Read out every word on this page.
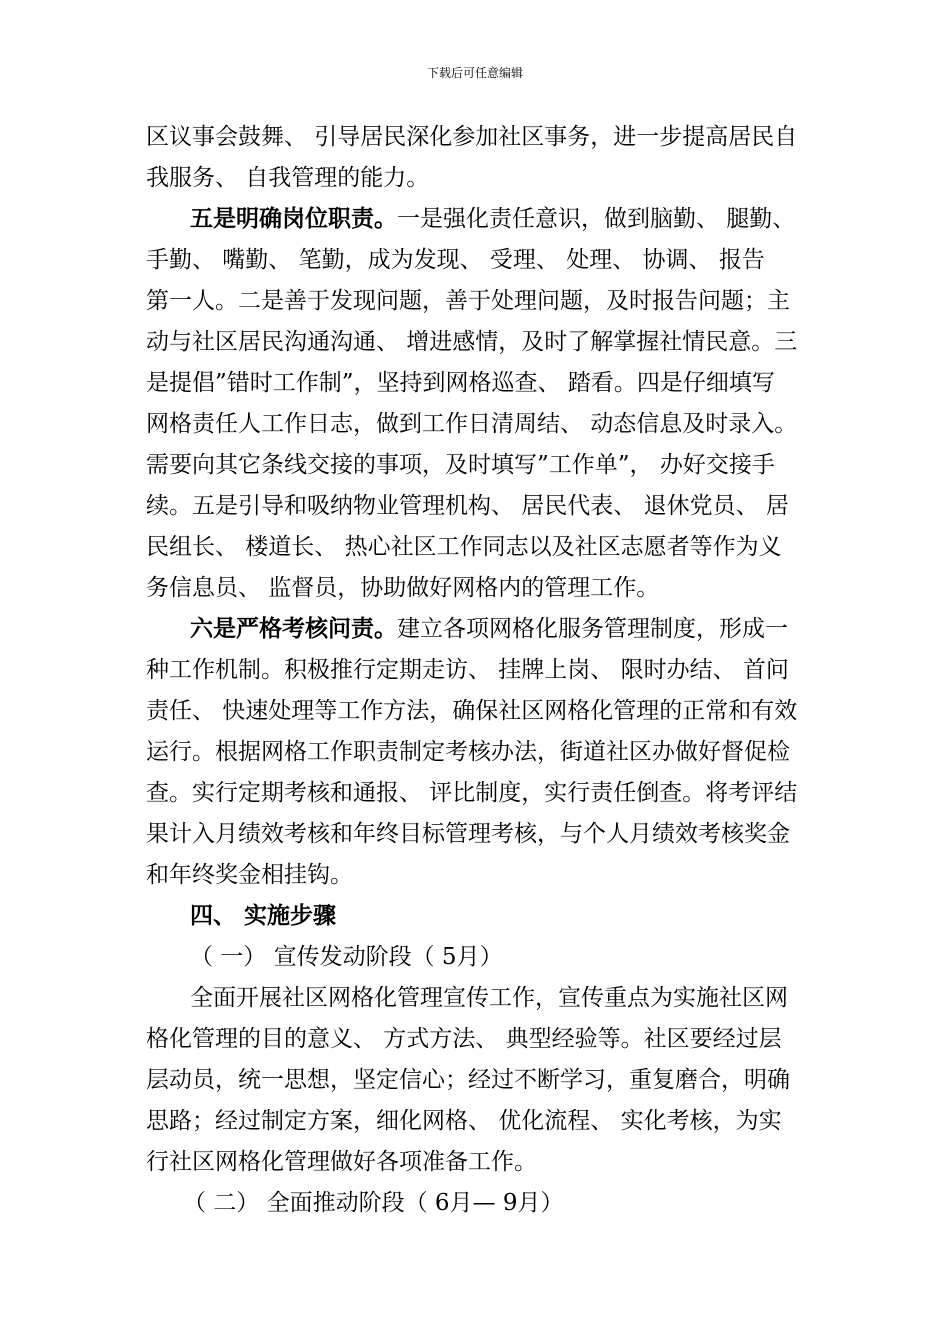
下载后可任意编辑
区议事会鼓舞、 引导居民深化参加社区事务，进一步提高居民自
我服务、 自我管理的能力。
五是明确岗位职责。一是强化责任意识，做到脑勤、 腿勤、
手勤、 嘴勤、 笔勤，成为发现、 受理、 处理、 协调、 报告
第一人。二是善于发现问题，善于处理问题，及时报告问题；主
动与社区居民沟通沟通、 增进感情，及时了解掌握社情民意。三
是提倡”错时工作制”，坚持到网格巡查、 踏看。四是仔细填写
网格责任人工作日志，做到工作日清周结、 动态信息及时录入。
需要向其它条线交接的事项，及时填写”工作单”， 办好交接手
续。五是引导和吸纳物业管理机构、 居民代表、 退休党员、 居
民组长、 楼道长、 热心社区工作同志以及社区志愿者等作为义
务信息员、 监督员，协助做好网格内的管理工作。
六是严格考核问责。建立各项网格化服务管理制度，形成一
种工作机制。积极推行定期走访、 挂牌上岗、 限时办结、 首问
责任、 快速处理等工作方法，确保社区网格化管理的正常和有效
运行。根据网格工作职责制定考核办法，街道社区办做好督促检
查。实行定期考核和通报、 评比制度，实行责任倒查。将考评结
果计入月绩效考核和年终目标管理考核，与个人月绩效考核奖金
和年终奖金相挂钩。
四、 实施步骤
（ 一） 宣传发动阶段（ 5月）
全面开展社区网格化管理宣传工作，宣传重点为实施社区网
格化管理的目的意义、 方式方法、 典型经验等。社区要经过层
层动员，统一思想，坚定信心；经过不断学习，重复磨合，明确
思路；经过制定方案，细化网格、 优化流程、 实化考核，为实
行社区网格化管理做好各项准备工作。
（ 二） 全面推动阶段（ 6月— 9月）
